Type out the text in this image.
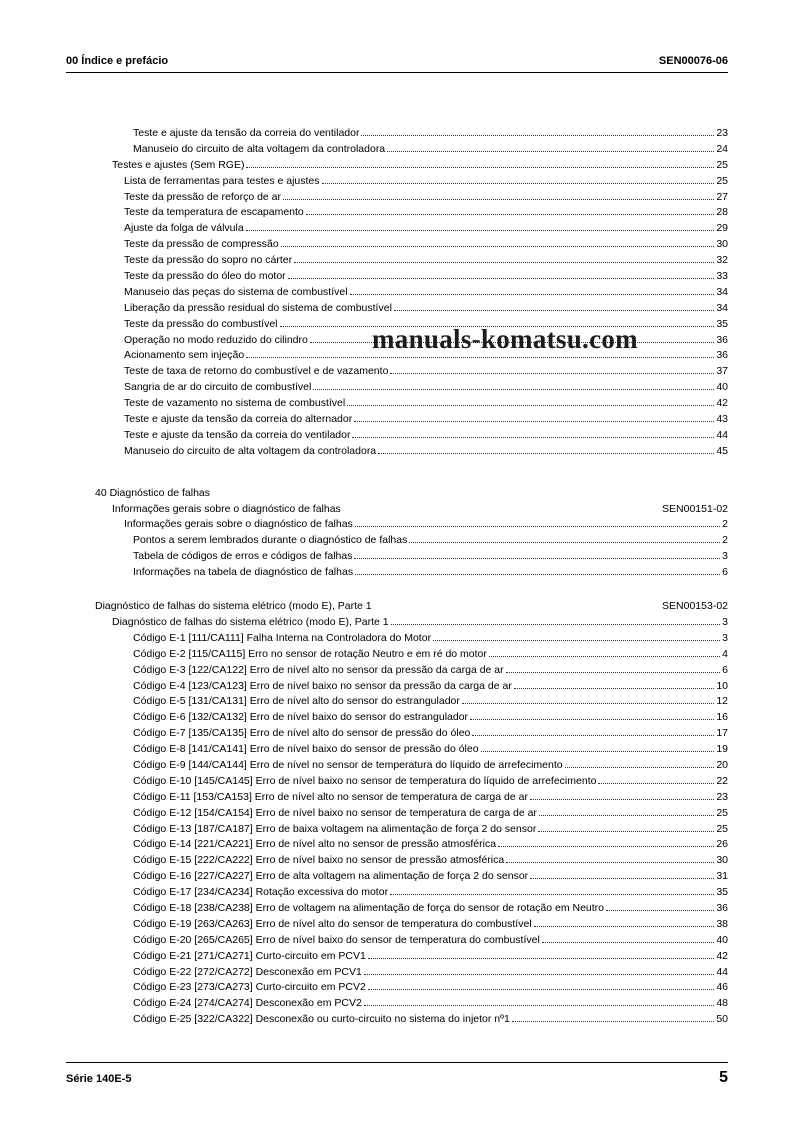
00 Índice e prefácio	SEN00076-06
Teste e ajuste da tensão da correia do ventilador	23
Manuseio do circuito de alta voltagem da controladora	24
Testes e ajustes (Sem RGE)	25
Lista de ferramentas para testes e ajustes	25
Teste da pressão de reforço de ar	27
Teste da temperatura de escapamento	28
Ajuste da folga de válvula	29
Teste da pressão de compressão	30
Teste da pressão do sopro no cárter	32
Teste da pressão do óleo do motor	33
Manuseio das peças do sistema de combustível	34
Liberação da pressão residual do sistema de combustível	34
Teste da pressão do combustível	35
Operação no modo reduzido do cilindro	36
Acionamento sem injeção	36
Teste de taxa de retorno do combustível e de vazamento	37
Sangria de ar do circuito de combustível	40
Teste de vazamento no sistema de combustível	42
Teste e ajuste da tensão da correia do alternador	43
Teste e ajuste da tensão da correia do ventilador	44
Manuseio do circuito de alta voltagem da controladora	45
40 Diagnóstico de falhas
Informações gerais sobre o diagnóstico de falhas	SEN00151-02
Informações gerais sobre o diagnóstico de falhas	2
Pontos a serem lembrados durante o diagnóstico de falhas	2
Tabela de códigos de erros e códigos de falhas	3
Informações na tabela de diagnóstico de falhas	6
Diagnóstico de falhas do sistema elétrico (modo E), Parte 1	SEN00153-02
Diagnóstico de falhas do sistema elétrico (modo E), Parte 1	3
Código E-1 [111/CA111] Falha Interna na Controladora do Motor	3
Código E-2 [115/CA115] Erro no sensor de rotação Neutro e em ré do motor	4
Código E-3 [122/CA122] Erro de nível alto no sensor da pressão da carga de ar	6
Código E-4 [123/CA123] Erro de nível baixo no sensor da pressão da carga de ar	10
Código E-5 [131/CA131] Erro de nível alto do sensor do estrangulador	12
Código E-6 [132/CA132] Erro de nível baixo do sensor do estrangulador	16
Código E-7 [135/CA135] Erro de nível alto do sensor de pressão do óleo	17
Código E-8 [141/CA141] Erro de nível baixo do sensor de pressão do óleo	19
Código E-9 [144/CA144] Erro de nível no sensor de temperatura do líquido de arrefecimento	20
Código E-10 [145/CA145] Erro de nível baixo no sensor de temperatura do líquido de arrefecimento	22
Código E-11 [153/CA153] Erro de nível alto no sensor de temperatura de carga de ar	23
Código E-12 [154/CA154] Erro de nível baixo no sensor de temperatura de carga de ar	25
Código E-13 [187/CA187] Erro de baixa voltagem na alimentação de força 2 do sensor	25
Código E-14 [221/CA221] Erro de nível alto no sensor de pressão atmosférica	26
Código E-15 [222/CA222] Erro de nível baixo no sensor de pressão atmosférica	30
Código E-16 [227/CA227] Erro de alta voltagem na alimentação de força 2 do sensor	31
Código E-17 [234/CA234] Rotação excessiva do motor	35
Código E-18 [238/CA238] Erro de voltagem na alimentação de força do sensor de rotação em Neutro	36
Código E-19 [263/CA263] Erro de nível alto do sensor de temperatura do combustível	38
Código E-20 [265/CA265] Erro de nível baixo do sensor de temperatura do combustível	40
Código E-21 [271/CA271] Curto-circuito em PCV1	42
Código E-22 [272/CA272] Desconexão em PCV1	44
Código E-23 [273/CA273] Curto-circuito em PCV2	46
Código E-24 [274/CA274] Desconexão em PCV2	48
Código E-25 [322/CA322] Desconexão ou curto-circuito no sistema do injetor nº1	50
manuals-komatsu.com
Série 140E-5	5
